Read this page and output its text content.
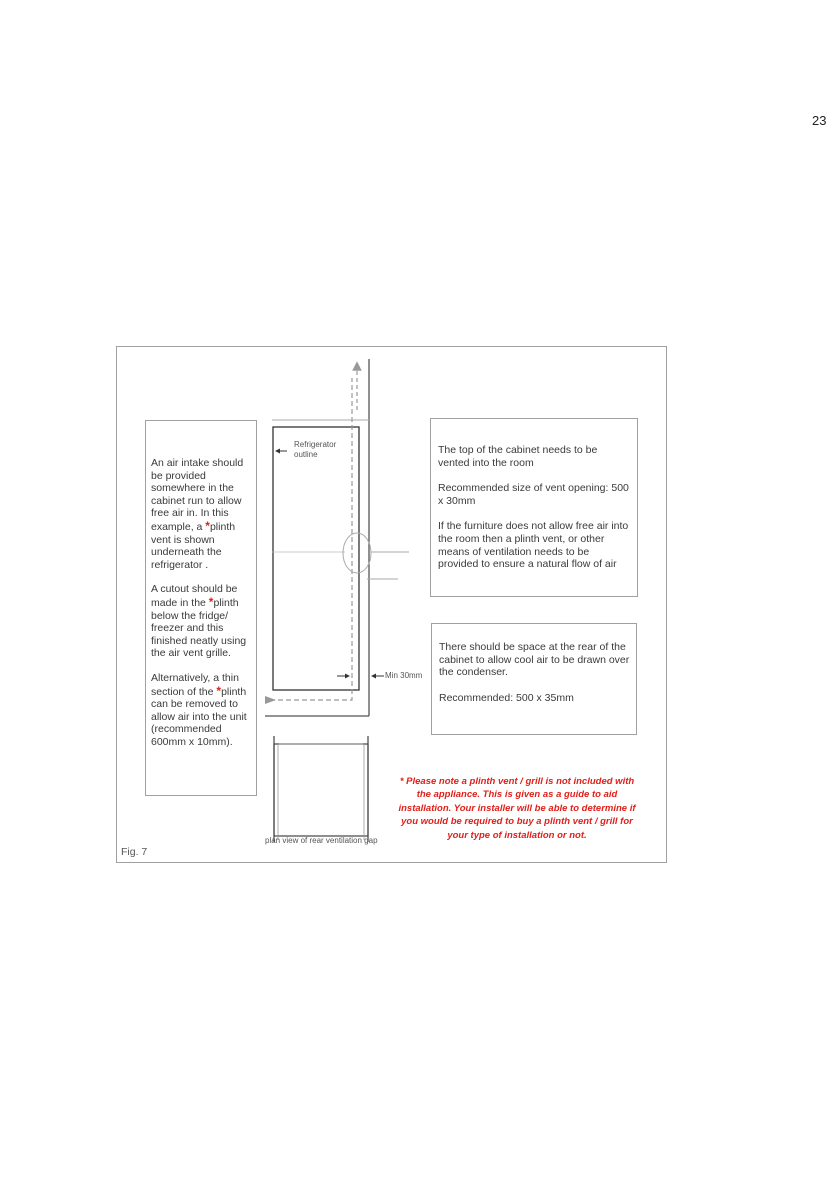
23

An air intake should be provided somewhere in the cabinet run to allow free air in. In this example, a *plinth vent is shown underneath the refrigerator .

A cutout should be made in the *plinth below the fridge/ freezer and this finished neatly using the air vent grille.

Alternatively, a thin section of the *plinth can be removed to allow air into the unit (recommended 600mm x 10mm).

The top of the cabinet needs to be vented into the room

Recommended size of vent opening: 500 x 30mm

If the furniture does not allow free air into the room then a plinth vent, or other means of ventilation needs to be provided to ensure a natural flow of air

There should be space at the rear of the cabinet to allow cool air to be drawn over the condenser.

Recommended: 500 x 35mm

Refrigerator outline
Min 30mm
plan view of rear ventilation gap
* Please note a plinth vent / grill is not included with the appliance. This is given as a guide to aid installation. Your installer will be able to determine if you would be required to buy a plinth vent / grill for your type of installation or not.
Fig. 7
